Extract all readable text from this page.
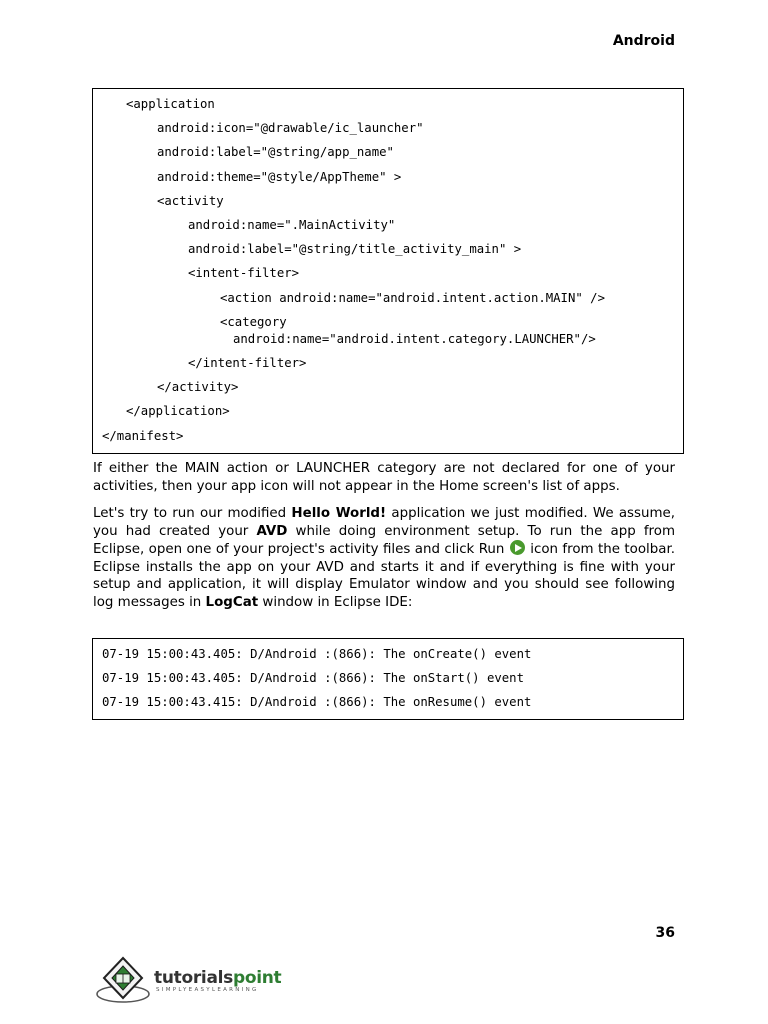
Android
<application
android:icon="@drawable/ic_launcher"
android:label="@string/app_name"
android:theme="@style/AppTheme" >
<activity
android:name=".MainActivity"
android:label="@string/title_activity_main" >
<intent-filter>
<action android:name="android.intent.action.MAIN" />
<category
android:name="android.intent.category.LAUNCHER"/>
</intent-filter>
</activity>
</application>
</manifest>

If either the MAIN action or LAUNCHER category are not declared for one of your activities, then your app icon will not appear in the Home screen's list of apps.

Let's try to run our modified Hello World! application we just modified. We assume, you had created your AVD while doing environment setup. To run the app from Eclipse, open one of your project's activity files and click Run  icon from the toolbar. Eclipse installs the app on your AVD and starts it and if everything is fine with your setup and application, it will display Emulator window and you should see following log messages in LogCat window in Eclipse IDE:

07-19 15:00:43.405: D/Android :(866): The onCreate() event
07-19 15:00:43.405: D/Android :(866): The onStart() event
07-19 15:00:43.415: D/Android :(866): The onResume() event
36
tutorialspoint
SIMPLYEASYLEARNING
